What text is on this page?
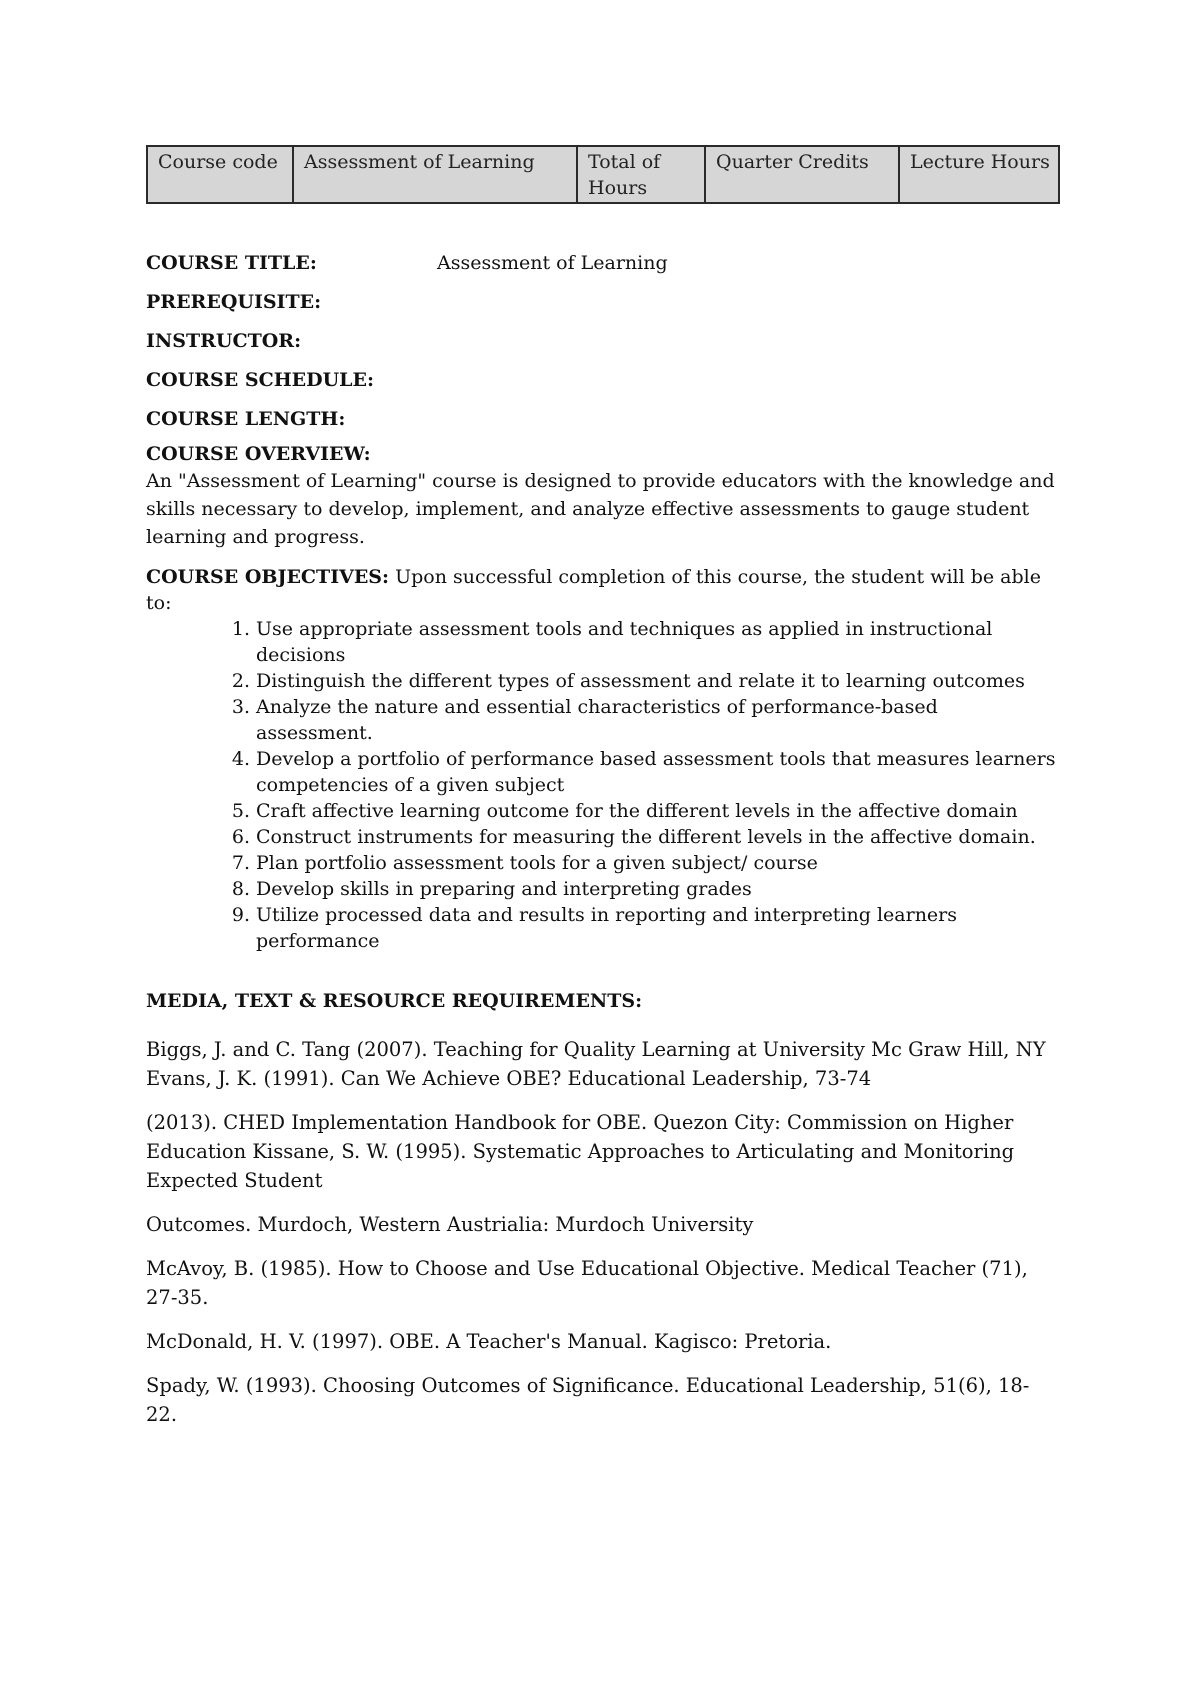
Course code	Assessment of Learning	Total of Hours	Quarter Credits	Lecture Hours
COURSE TITLE:	Assessment of Learning
PREREQUISITE:
INSTRUCTOR:
COURSE SCHEDULE:
COURSE LENGTH:
COURSE OVERVIEW:

An "Assessment of Learning" course is designed to provide educators with the knowledge and skills necessary to develop, implement, and analyze effective assessments to gauge student learning and progress.

COURSE OBJECTIVES: Upon successful completion of this course, the student will be able to:
1. Use appropriate assessment tools and techniques as applied in instructional decisions
2. Distinguish the different types of assessment and relate it to learning outcomes
3. Analyze the nature and essential characteristics of performance-based assessment.
4. Develop a portfolio of performance based assessment tools that measures learners competencies of a given subject
5. Craft affective learning outcome for the different levels in the affective domain
6. Construct instruments for measuring the different levels in the affective domain.
7. Plan portfolio assessment tools for a given subject/ course
8. Develop skills in preparing and interpreting grades
9. Utilize processed data and results in reporting and interpreting learners performance
MEDIA, TEXT & RESOURCE REQUIREMENTS:

Biggs, J. and C. Tang (2007). Teaching for Quality Learning at University Mc Graw Hill, NY Evans, J. K. (1991). Can We Achieve OBE? Educational Leadership, 73-74

(2013). CHED Implementation Handbook for OBE. Quezon City: Commission on Higher Education Kissane, S. W. (1995). Systematic Approaches to Articulating and Monitoring Expected Student

Outcomes. Murdoch, Western Austrialia: Murdoch University

McAvoy, B. (1985). How to Choose and Use Educational Objective. Medical Teacher (71), 27-35.

McDonald, H. V. (1997). OBE. A Teacher's Manual. Kagisco: Pretoria.

Spady, W. (1993). Choosing Outcomes of Significance. Educational Leadership, 51(6), 18-22.
